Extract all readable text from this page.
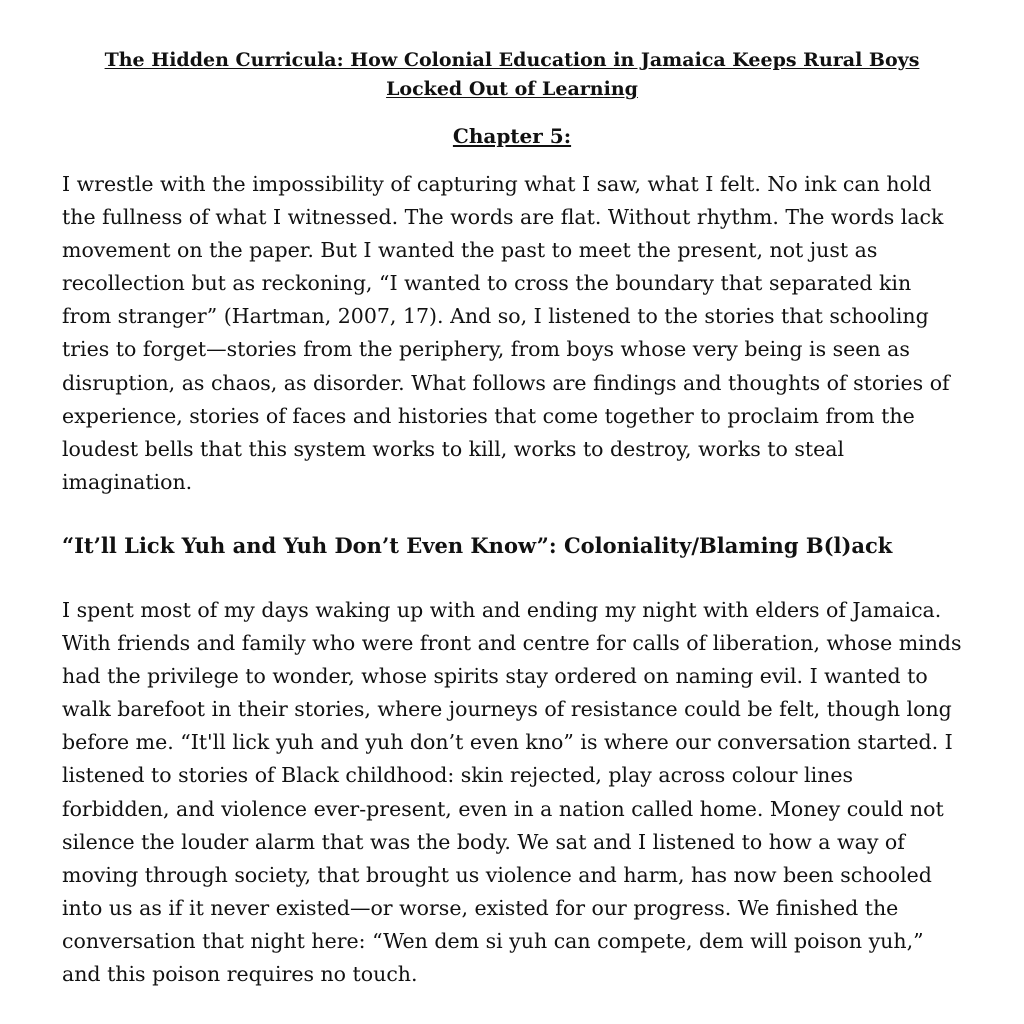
The Hidden Curricula: How Colonial Education in Jamaica Keeps Rural Boys
Locked Out of Learning
Chapter 5:

I wrestle with the impossibility of capturing what I saw, what I felt. No ink can hold the fullness of what I witnessed. The words are flat. Without rhythm. The words lack movement on the paper. But I wanted the past to meet the present, not just as recollection but as reckoning, “I wanted to cross the boundary that separated kin from stranger” (Hartman, 2007, 17). And so, I listened to the stories that schooling tries to forget—stories from the periphery, from boys whose very being is seen as disruption, as chaos, as disorder. What follows are findings and thoughts of stories of experience, stories of faces and histories that come together to proclaim from the loudest bells that this system works to kill, works to destroy, works to steal imagination.

“It’ll Lick Yuh and Yuh Don’t Even Know”: Coloniality/Blaming B(l)ack

I spent most of my days waking up with and ending my night with elders of Jamaica. With friends and family who were front and centre for calls of liberation, whose minds had the privilege to wonder, whose spirits stay ordered on naming evil. I wanted to walk barefoot in their stories, where journeys of resistance could be felt, though long before me. “It'll lick yuh and yuh don’t even kno” is where our conversation started. I listened to stories of Black childhood: skin rejected, play across colour lines forbidden, and violence ever-present, even in a nation called home. Money could not silence the louder alarm that was the body. We sat and I listened to how a way of moving through society, that brought us violence and harm, has now been schooled into us as if it never existed—or worse, existed for our progress. We finished the conversation that night here: “Wen dem si yuh can compete, dem will poison yuh,” and this poison requires no touch.
